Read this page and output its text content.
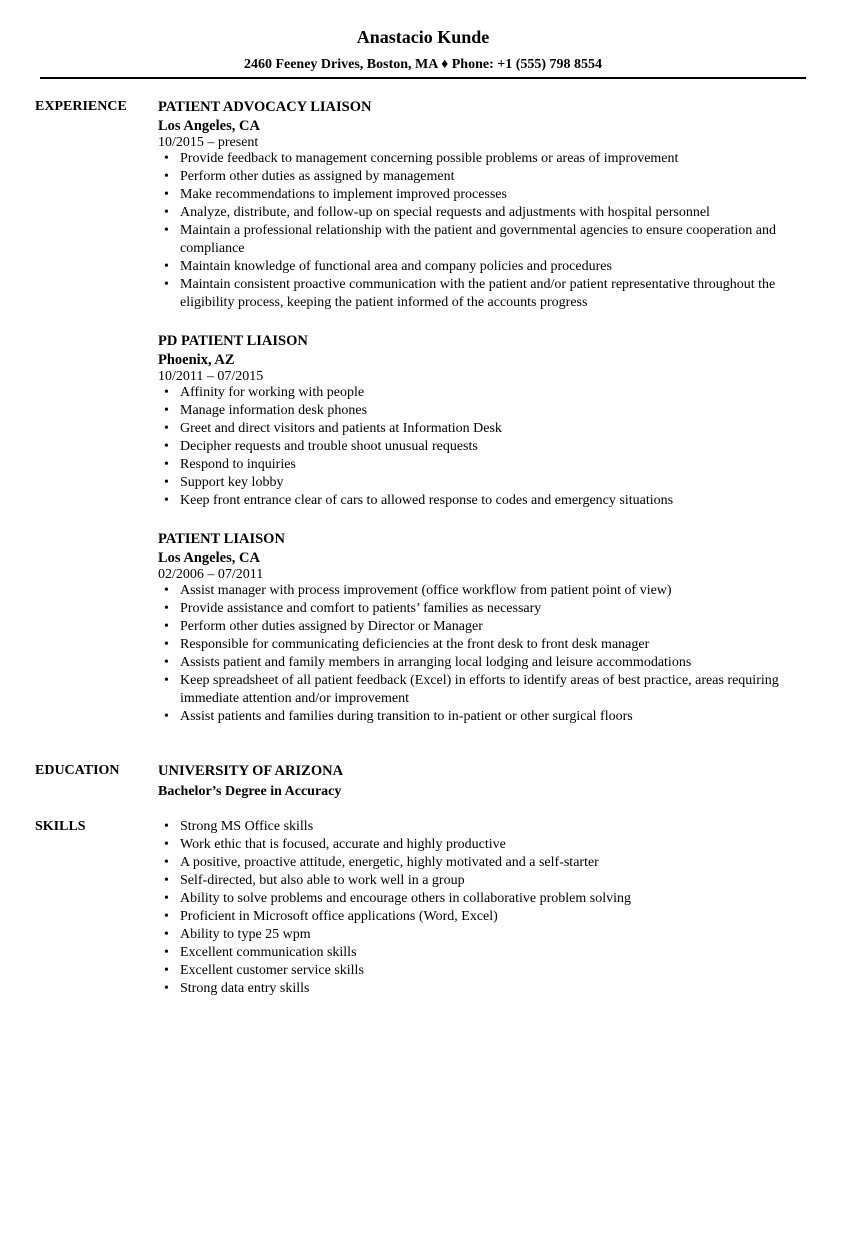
Anastacio Kunde
2460 Feeney Drives, Boston, MA ♦ Phone: +1 (555) 798 8554
EXPERIENCE PATIENT ADVOCACY LIAISON
Los Angeles, CA
10/2015 – present
• Provide feedback to management concerning possible problems or areas of improvement
• Perform other duties as assigned by management
• Make recommendations to implement improved processes
• Analyze, distribute, and follow-up on special requests and adjustments with hospital personnel
• Maintain a professional relationship with the patient and governmental agencies to ensure cooperation and compliance
• Maintain knowledge of functional area and company policies and procedures
• Maintain consistent proactive communication with the patient and/or patient representative throughout the eligibility process, keeping the patient informed of the accounts progress
PD PATIENT LIAISON
Phoenix, AZ
10/2011 – 07/2015
• Affinity for working with people
• Manage information desk phones
• Greet and direct visitors and patients at Information Desk
• Decipher requests and trouble shoot unusual requests
• Respond to inquiries
• Support key lobby
• Keep front entrance clear of cars to allowed response to codes and emergency situations
PATIENT LIAISON
Los Angeles, CA
02/2006 – 07/2011
• Assist manager with process improvement (office workflow from patient point of view)
• Provide assistance and comfort to patients’ families as necessary
• Perform other duties assigned by Director or Manager
• Responsible for communicating deficiencies at the front desk to front desk manager
• Assists patient and family members in arranging local lodging and leisure accommodations
• Keep spreadsheet of all patient feedback (Excel) in efforts to identify areas of best practice, areas requiring immediate attention and/or improvement
• Assist patients and families during transition to in-patient or other surgical floors
EDUCATION	UNIVERSITY OF ARIZONA
Bachelor’s Degree in Accuracy
SKILLS
•	Strong MS Office skills
• Work ethic that is focused, accurate and highly productive
• A positive, proactive attitude, energetic, highly motivated and a self-starter
• Self-directed, but also able to work well in a group
• Ability to solve problems and encourage others in collaborative problem solving
• Proficient in Microsoft office applications (Word, Excel)
• Ability to type 25 wpm
• Excellent communication skills
• Excellent customer service skills
• Strong data entry skills
